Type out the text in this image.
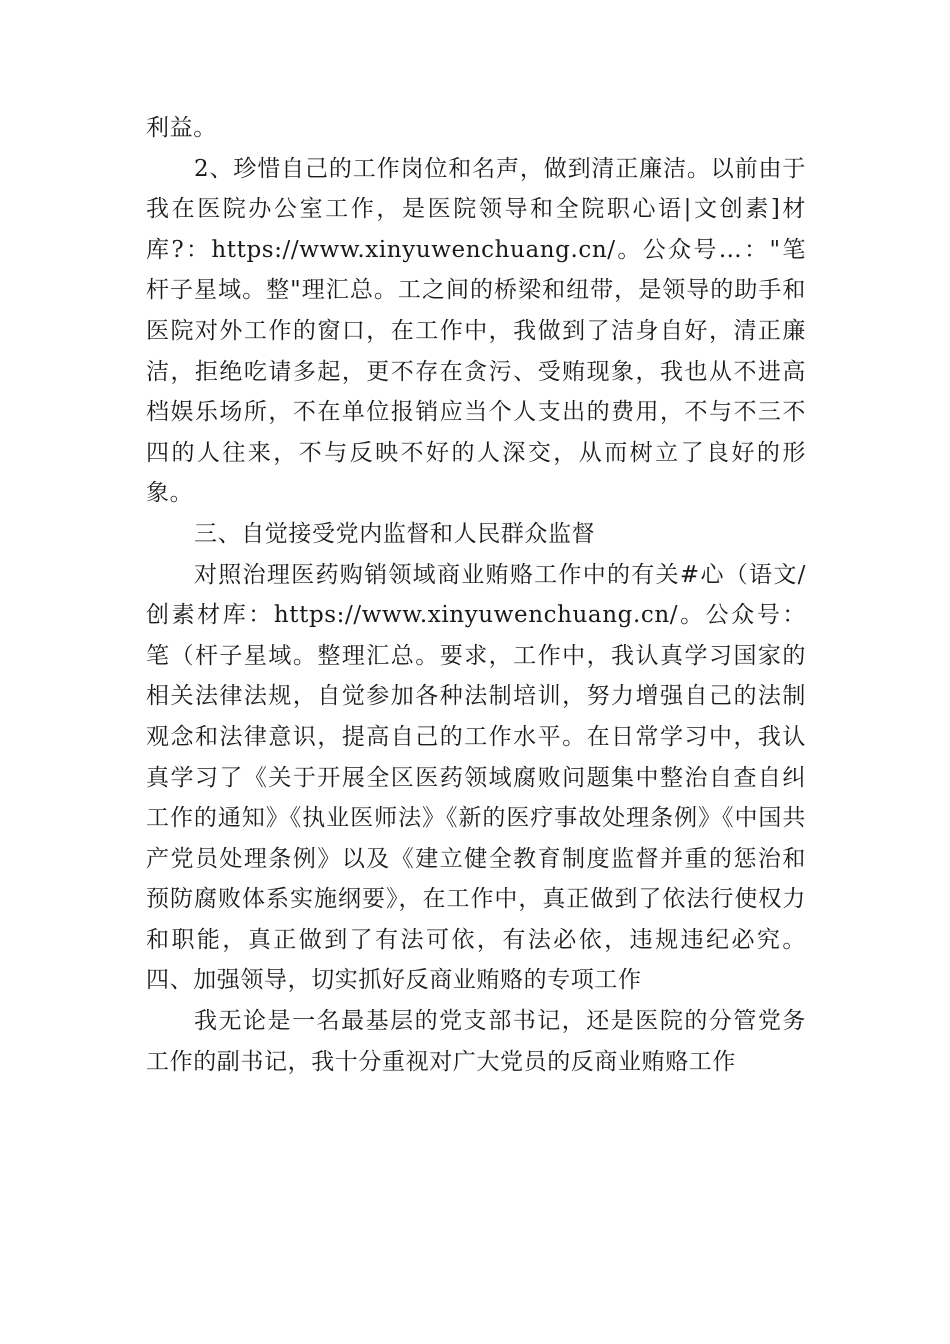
利益。

2、珍惜自己的工作岗位和名声，做到清正廉洁。以前由于我在医院办公室工作，是医院领导和全院职心语|文创素]材库?：https://www.xinyuwenchuang.cn/。公众号…："笔杆子星域。整"理汇总。工之间的桥梁和纽带，是领导的助手和医院对外工作的窗口，在工作中，我做到了洁身自好，清正廉洁，拒绝吃请多起，更不存在贪污、受贿现象，我也从不进高档娱乐场所，不在单位报销应当个人支出的费用，不与不三不四的人往来，不与反映不好的人深交，从而树立了良好的形象。

三、自觉接受党内监督和人民群众监督

对照治理医药购销领域商业贿赂工作中的有关#心（语文/创素材库：https://www.xinyuwenchuang.cn/。公众号：笔（杆子星域。整理汇总。要求，工作中，我认真学习国家的相关法律法规，自觉参加各种法制培训，努力增强自己的法制观念和法律意识，提高自己的工作水平。在日常学习中，我认真学习了《关于开展全区医药领域腐败问题集中整治自查自纠工作的通知》《执业医师法》《新的医疗事故处理条例》《中国共产党员处理条例》以及《建立健全教育制度监督并重的惩治和预防腐败体系实施纲要》，在工作中，真正做到了依法行使权力和职能，真正做到了有法可依，有法必依，违规违纪必究。四、加强领导，切实抓好反商业贿赂的专项工作

我无论是一名最基层的党支部书记，还是医院的分管党务工作的副书记，我十分重视对广大党员的反商业贿赂工作
